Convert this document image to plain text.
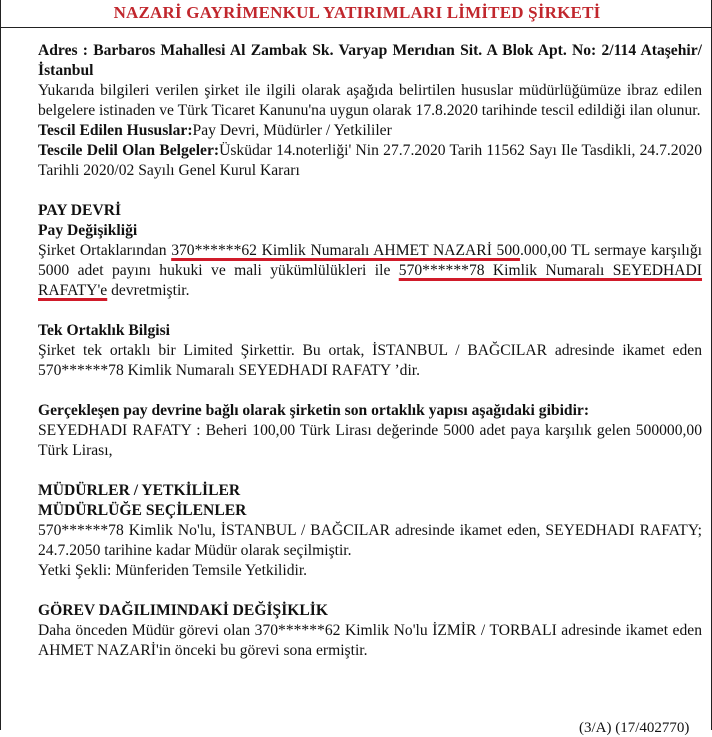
NAZARİ GAYRİMENKUL YATIRIMLARI LİMİTED ŞİRKETİ

Adres : Barbaros Mahallesi Al Zambak Sk. Varyap Merıdıan Sit. A Blok Apt. No: 2/114 Ataşehir/İstanbul

Yukarıda bilgileri verilen şirket ile ilgili olarak aşağıda belirtilen hususlar müdürlüğümüze ibraz edilen belgelere istinaden ve Türk Ticaret Kanunu'na uygun olarak 17.8.2020 tarihinde tescil edildiği ilan olunur.

Tescil Edilen Hususlar:Pay Devri, Müdürler / Yetkililer

Tescile Delil Olan Belgeler:Üsküdar 14.noterliği' Nin 27.7.2020 Tarih 11562 Sayı Ile Tasdikli, 24.7.2020 Tarihli 2020/02 Sayılı Genel Kurul Kararı

PAY DEVRİ
Pay Değişikliği

Şirket Ortaklarından 370******62 Kimlik Numaralı AHMET NAZARİ 500.000,00 TL sermaye karşılığı 5000 adet payını hukuki ve mali yükümlülükleri ile 570******78 Kimlik Numaralı SEYEDHADI RAFATY'e devretmiştir.

Tek Ortaklık Bilgisi

Şirket tek ortaklı bir Limited Şirkettir. Bu ortak, İSTANBUL / BAĞCILAR adresinde ikamet eden 570******78 Kimlik Numaralı SEYEDHADI RAFATY ’dir.

Gerçekleşen pay devrine bağlı olarak şirketin son ortaklık yapısı aşağıdaki gibidir:

SEYEDHADI RAFATY : Beheri 100,00 Türk Lirası değerinde 5000 adet paya karşılık gelen 500000,00 Türk Lirası,

MÜDÜRLER / YETKİLİLER
MÜDÜRLÜĞE SEÇİLENLER

570******78 Kimlik No'lu, İSTANBUL / BAĞCILAR adresinde ikamet eden, SEYEDHADI RAFATY; 24.7.2050 tarihine kadar Müdür olarak seçilmiştir.

Yetki Şekli: Münferiden Temsile Yetkilidir.

GÖREV DAĞILIMINDAKİ DEĞİŞİKLİK

Daha önceden Müdür görevi olan 370******62 Kimlik No'lu İZMİR / TORBALI adresinde ikamet eden AHMET NAZARİ'in önceki bu görevi sona ermiştir.

(3/A) (17/402770)
